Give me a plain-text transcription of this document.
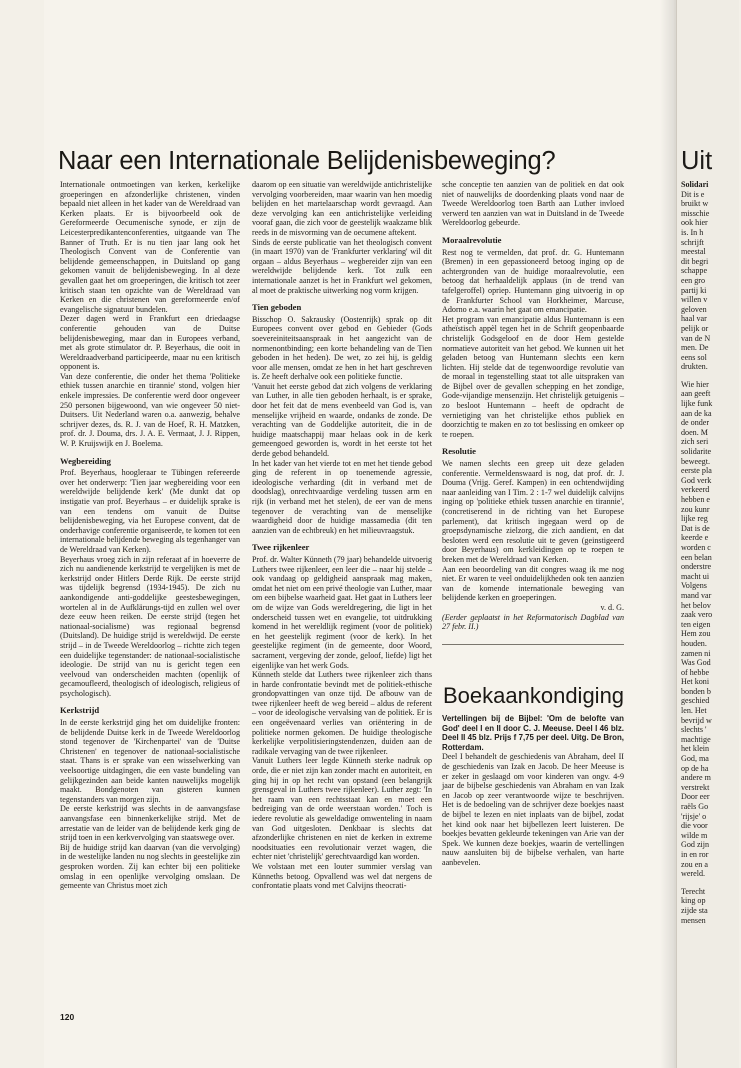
Naar een Internationale Belijdenisbeweging?

Internationale ontmoetingen van kerken, kerkelijke groeperingen en afzonderlijke christenen, vinden bepaald niet alleen in het kader van de Wereldraad van Kerken plaats. Er is bijvoorbeeld ook de Gereformeerde Oecumenische synode, er zijn de Leicesterpredikantenconferenties, uitgaande van The Banner of Truth. Er is nu tien jaar lang ook het Theologisch Convent van de Conferentie van belijdende gemeenschappen, in Duitsland op gang gekomen vanuit de belijdenisbeweging. In al deze gevallen gaat het om groeperingen, die kritisch tot zeer kritisch staan ten opzichte van de Wereldraad van Kerken en die christenen van gereformeerde en/of evangelische signatuur bundelen.

Dezer dagen werd in Frankfurt een driedaagse conferentie gehouden van de Duitse belijdenisbeweging, maar dan in Europees verband, met als grote stimulator dr. P. Beyerhaus, die ooit in Wereldraadverband participeerde, maar nu een kritisch opponent is.

Van deze conferentie, die onder het thema 'Politieke ethiek tussen anarchie en tirannie' stond, volgen hier enkele impressies. De conferentie werd door ongeveer 250 personen bijgewoond, van wie ongeveer 50 niet-Duitsers. Uit Nederland waren o.a. aanwezig, behalve schrijver dezes, ds. R. J. van de Hoef, R. H. Matzken, prof. dr. J. Douma, drs. J. A. E. Vermaat, J. J. Rippen, W. P. Kruijswijk en J. Boelema.

Wegbereiding

Prof. Beyerhaus, hoogleraar te Tübingen refereerde over het onderwerp: 'Tien jaar wegbereiding voor een wereldwijde belijdende kerk' (Me dunkt dat op instigatie van prof. Beyerhaus – er duidelijk sprake is van een tendens om vanuit de Duitse belijdenisbeweging, via het Europese convent, dat de onderhavige conferentie organiseerde, te komen tot een internationale belijdende beweging als tegenhanger van de Wereldraad van Kerken).

Beyerhaus vroeg zich in zijn referaat af in hoeverre de zich nu aandienende kerkstrijd te vergelijken is met de kerkstrijd onder Hitlers Derde Rijk. De eerste strijd was tijdelijk begrensd (1934-1945). De zich nu aankondigende anti-goddelijke geestesbewegingen, wortelen al in de Aufklärungs-tijd en zullen wel over deze eeuw heen reiken. De eerste strijd (tegen het nationaal-socialisme) was regionaal begrensd (Duitsland). De huidige strijd is wereldwijd. De eerste strijd – in de Tweede Wereldoorlog – richtte zich tegen een duidelijke tegenstander: de nationaal-socialistische ideologie. De strijd van nu is gericht tegen een veelvoud van onderscheiden machten (openlijk of gecamoufleerd, theologisch of ideologisch, religieus of psychologisch).

Kerkstrijd

In de eerste kerkstrijd ging het om duidelijke fronten: de belijdende Duitse kerk in de Tweede Wereldoorlog stond tegenover de 'Kirchenpartei' van de 'Duitse Christenen' en tegenover de nationaal-socialistische staat. Thans is er sprake van een wisselwerking van veelsoortige uitdagingen, die een vaste bundeling van gelijkgezinden aan beide kanten nauwelijks mogelijk maakt. Bondgenoten van gisteren kunnen tegenstanders van morgen zijn.

De eerste kerkstrijd was slechts in de aanvangsfase aanvangsfase een binnenkerkelijke strijd. Met de arrestatie van de leider van de belijdende kerk ging de strijd toen in een kerkvervolging van staatswege over.

Bij de huidige strijd kan daarvan (van die vervolging) in de westelijke landen nu nog slechts in geestelijke zin gesproken worden. Zij kan echter bij een politieke omslag in een openlijke vervolging omslaan. De gemeente van Christus moet zich

daarom op een situatie van wereldwijde antichristelijke vervolging voorbereiden, maar waarin van hen moedig belijden en het martelaarschap wordt gevraagd. Aan deze vervolging kan een antichristelijke verleiding vooraf gaan, die zich voor de geestelijk waakzame blik reeds in de misvorming van de oecumene aftekent.

Sinds de eerste publicatie van het theologisch convent (in maart 1970) van de 'Frankfurter verklaring' wil dit orgaan – aldus Beyerhaus – wegbereider zijn van een wereldwijde belijdende kerk. Tot zulk een internationale aanzet is het in Frankfurt wel gekomen, al moet de praktische uitwerking nog vorm krijgen.

Tien geboden

Bisschop O. Sakrausky (Oostenrijk) sprak op dit Europees convent over gebod en Gebieder (Gods soevereiniteitsaanspraak in het aangezicht van de normenontbinding; een korte behandeling van de Tien geboden in het heden). De wet, zo zei hij, is geldig voor alle mensen, omdat ze hen in het hart geschreven is. Ze heeft derhalve ook een politieke functie.

'Vanuit het eerste gebod dat zich volgens de verklaring van Luther, in alle tien geboden herhaalt, is er sprake, door het feit dat de mens evenbeeld van God is, van menselijke vrijheid en waarde, ondanks de zonde. De verachting van de Goddelijke autoriteit, die in de huidige maatschappij maar helaas ook in de kerk gemeengoed geworden is, wordt in het eerste tot het derde gebod behandeld.

In het kader van het vierde tot en met het tiende gebod ging de referent in op toenemende agressie, ideologische verharding (dit in verband met de doodslag), onrechtvaardige verdeling tussen arm en rijk (in verband met het stelen), de eer van de mens tegenover de verachting van de menselijke waardigheid door de huidige massamedia (dit ten aanzien van de echtbreuk) en het milieuvraagstuk.

Twee rijkenleer

Prof. dr. Walter Künneth (79 jaar) behandelde uitvoerig Luthers twee rijkenleer, een leer die – naar hij stelde – ook vandaag op geldigheid aanspraak mag maken, omdat het niet om een privé theologie van Luther, maar om een bijbelse waarheid gaat. Het gaat in Luthers leer om de wijze van Gods wereldregering, die ligt in het onderscheid tussen wet en evangelie, tot uitdrukking komend in het wereldlijk regiment (voor de politiek) en het geestelijk regiment (voor de kerk). In het geestelijke regiment (in de gemeente, door Woord, sacrament, vergeving der zonde, geloof, liefde) ligt het eigenlijke van het werk Gods.

Künneth stelde dat Luthers twee rijkenleer zich thans in harde confrontatie bevindt met de politiek-ethische grondopvattingen van onze tijd. De afbouw van de twee rijkenleer heeft de weg bereid – aldus de referent – voor de ideologische vervalsing van de politiek. Er is een ongeëvenaard verlies van oriëntering in de politieke normen gekomen. De huidige theologische kerkelijke verpolitisieringstendenzen, duiden aan de radikale vervaging van de twee rijkenleer.

Vanuit Luthers leer legde Künneth sterke nadruk op orde, die er niet zijn kan zonder macht en autoriteit, en ging hij in op het recht van opstand (een belangrijk grensgeval in Luthers twee rijkenleer). Luther zegt: 'In het raam van een rechtsstaat kan en moet een bedreiging van de orde weerstaan worden.' Toch is iedere revolutie als geweldadige omwenteling in naam van God uitgesloten. Denkbaar is slechts dat afzonderlijke christenen en niet de kerken in extreme noodsituaties een revolutionair verzet wagen, die echter niet 'christelijk' gerechtvaardigd kan worden.

We volstaan met een louter summier verslag van Künneths betoog. Opvallend was wel dat nergens de confrontatie plaats vond met Calvijns theocrati-

sche conceptie ten aanzien van de politiek en dat ook niet of nauwelijks de doordenking plaats vond naar de Tweede Wereldoorlog toen Barth aan Luther invloed verwerd ten aanzien van wat in Duitsland in de Tweede Wereldoorlog gebeurde.

Moraalrevolutie

Rest nog te vermelden, dat prof. dr. G. Huntemann (Bremen) in een gepassioneerd betoog inging op de achtergronden van de huidige moraalrevolutie, een betoog dat herhaaldelijk applaus (in de trend van tafelgeroffel) opriep. Huntemann ging uitvoerig in op de Frankfurter School van Horkheimer, Marcuse, Adorno e.a. waarin het gaat om emancipatie.

Het program van emancipatie aldus Huntemann is een atheïstisch appèl tegen het in de Schrift geopenbaarde christelijk Godsgeloof en de door Hem gestelde normatieve autoriteit van het gebod. We kunnen uit het geladen betoog van Huntemann slechts een kern lichten. Hij stelde dat de tegenwoordige revolutie van de moraal in tegenstelling staat tot alle uitspraken van de Bijbel over de gevallen schepping en het zondige, Gode-vijandige mensenzijn. Het christelijk getuigenis – zo besloot Huntemann – heeft de opdracht de vernietiging van het christelijke ethos publiek en doorzichtig te maken en zo tot beslissing en omkeer op te roepen.

Resolutie

We namen slechts een greep uit deze geladen conferentie. Vermeldenswaard is nog, dat prof. dr. J. Douma (Vrijg. Geref. Kampen) in een ochtendwijding naar aanleiding van I Tim. 2 : 1-7 wel duidelijk calvijns inging op 'politieke ethiek tussen anarchie en tirannie', (concretiserend in de richting van het Europese parlement), dat kritisch ingegaan werd op de groepsdynamische zielzorg, die zich aandient, en dat besloten werd een resolutie uit te geven (geinstigeerd door Beyerhaus) om kerkleidingen op te roepen te breken met de Wereldraad van Kerken.

Aan een beoordeling van dit congres waag ik me nog niet. Er waren te veel onduidelijkheden ook ten aanzien van de komende internationale beweging van belijdende kerken en groeperingen.

v. d. G.

(Eerder geplaatst in het Reformatorisch Dagblad van 27 febr. II.)

Boekaankondiging

Vertellingen bij de Bijbel: 'Om de belofte van God' deel I en II door C. J. Meeuse. Deel I 46 blz. Deel II 45 blz. Prijs f 7,75 per deel. Uitg. De Bron, Rotterdam.

Deel I behandelt de geschiedenis van Abraham, deel II de geschiedenis van Izak en Jacob. De heer Meeuse is er zeker in geslaagd om voor kinderen van ongv. 4-9 jaar de bijbelse geschiedenis van Abraham en van Izak en Jacob op zeer verantwoorde wijze te beschrijven. Het is de bedoeling van de schrijver deze boekjes naast de bijbel te lezen en niet inplaats van de bijbel, zodat het kind ook naar het bijbellezen leert luisteren. De boekjes bevatten gekleurde tekeningen van Arie van der Spek. We kunnen deze boekjes, waarin de vertellingen nauw aansluiten bij de bijbelse verhalen, van harte aanbevelen.

120
Uit
Solidari
Dit is e
bruikt w
misschie
ook hier
is. In h
schrijft
meestal
dit begri
schappe
een gro
partij ki
willen v
geloven
haal var
pelijk or
van de N
men. De
eens sol
drukten.
Wie hier
aan geeft
lijke funk
aan de ka
de onder
doen. M
zich seri
solidarite
beweegt.
eerste pla
God verk
verkeerd
hebben e
zou kunr
lijke reg
Dat is de
keerde e
worden c
een belan
onderstre
macht ui
Volgens
mand var
het belov
zaak vero
ten eigen
Hem zou
houden.
zamen ni
Was God
of hebbe
Het koni
bonden b
geschied
len. Het
bevrijd w
slechts '
machtige
het klein
God, ma
op de ha
andere m
verstrekt
Door eer
raëls Go
'rijsje' o
die voor
wilde m
God zijn
in en ror
zou en a
wereld.
Terecht
king op
zijde sta
mensen
